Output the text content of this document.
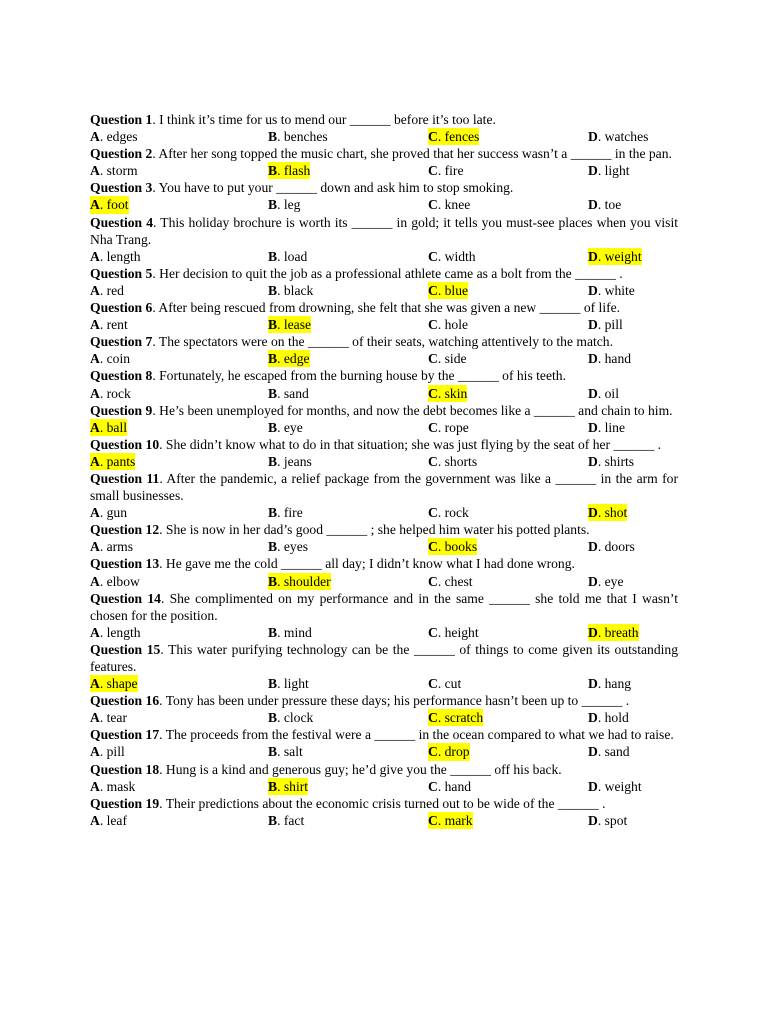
Question 1. I think it’s time for us to mend our ______ before it’s too late.
A. edges	B. benches	C. fences	D. watches
Question 2. After her song topped the music chart, she proved that her success wasn’t a ______ in the pan.
A. storm	B. flash	C. fire	D. light
Question 3. You have to put your ______ down and ask him to stop smoking.
A. foot	B. leg	C. knee	D. toe
Question 4. This holiday brochure is worth its ______ in gold; it tells you must-see places when you visit Nha Trang.
A. length	B. load	C. width	D. weight
Question 5. Her decision to quit the job as a professional athlete came as a bolt from the ______ .
A. red	B. black	C. blue	D. white
Question 6. After being rescued from drowning, she felt that she was given a new ______ of life.
A. rent	B. lease	C. hole	D. pill
Question 7. The spectators were on the ______ of their seats, watching attentively to the match.
A. coin	B. edge	C. side	D. hand
Question 8. Fortunately, he escaped from the burning house by the ______ of his teeth.
A. rock	B. sand	C. skin	D. oil
Question 9. He’s been unemployed for months, and now the debt becomes like a ______ and chain to him.
A. ball	B. eye	C. rope	D. line
Question 10. She didn’t know what to do in that situation; she was just flying by the seat of her ______ .
A. pants	B. jeans	C. shorts	D. shirts
Question 11. After the pandemic, a relief package from the government was like a ______ in the arm for small businesses.
A. gun	B. fire	C. rock	D. shot
Question 12. She is now in her dad’s good ______ ; she helped him water his potted plants.
A. arms	B. eyes	C. books	D. doors
Question 13. He gave me the cold ______ all day; I didn’t know what I had done wrong.
A. elbow	B. shoulder	C. chest	D. eye
Question 14. She complimented on my performance and in the same ______ she told me that I wasn’t chosen for the position.
A. length	B. mind	C. height	D. breath
Question 15. This water purifying technology can be the ______ of things to come given its outstanding features.
A. shape	B. light	C. cut	D. hang
Question 16. Tony has been under pressure these days; his performance hasn’t been up to ______ .
A. tear	B. clock	C. scratch	D. hold
Question 17. The proceeds from the festival were a ______ in the ocean compared to what we had to raise.
A. pill	B. salt	C. drop	D. sand
Question 18. Hung is a kind and generous guy; he’d give you the ______ off his back.
A. mask	B. shirt	C. hand	D. weight
Question 19. Their predictions about the economic crisis turned out to be wide of the ______ .
A. leaf	B. fact	C. mark	D. spot
